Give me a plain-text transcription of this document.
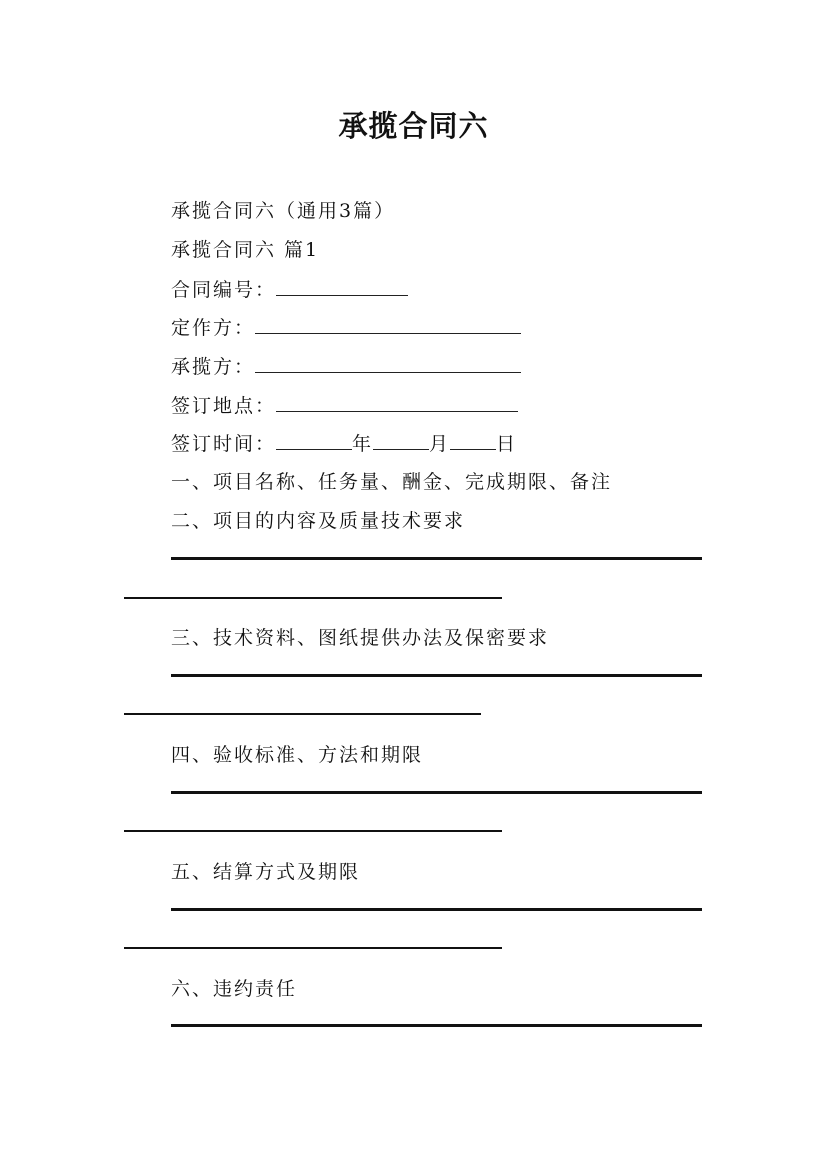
承揽合同六
承揽合同六（通用3篇）
承揽合同六 篇1
合同编号：
定作方：
承揽方：
签订地点：
签订时间：	年	月 日
一、项目名称、任务量、酬金、完成期限、备注
二、项目的内容及质量技术要求
三、技术资料、图纸提供办法及保密要求
四、验收标准、方法和期限
五、结算方式及期限
六、违约责任
